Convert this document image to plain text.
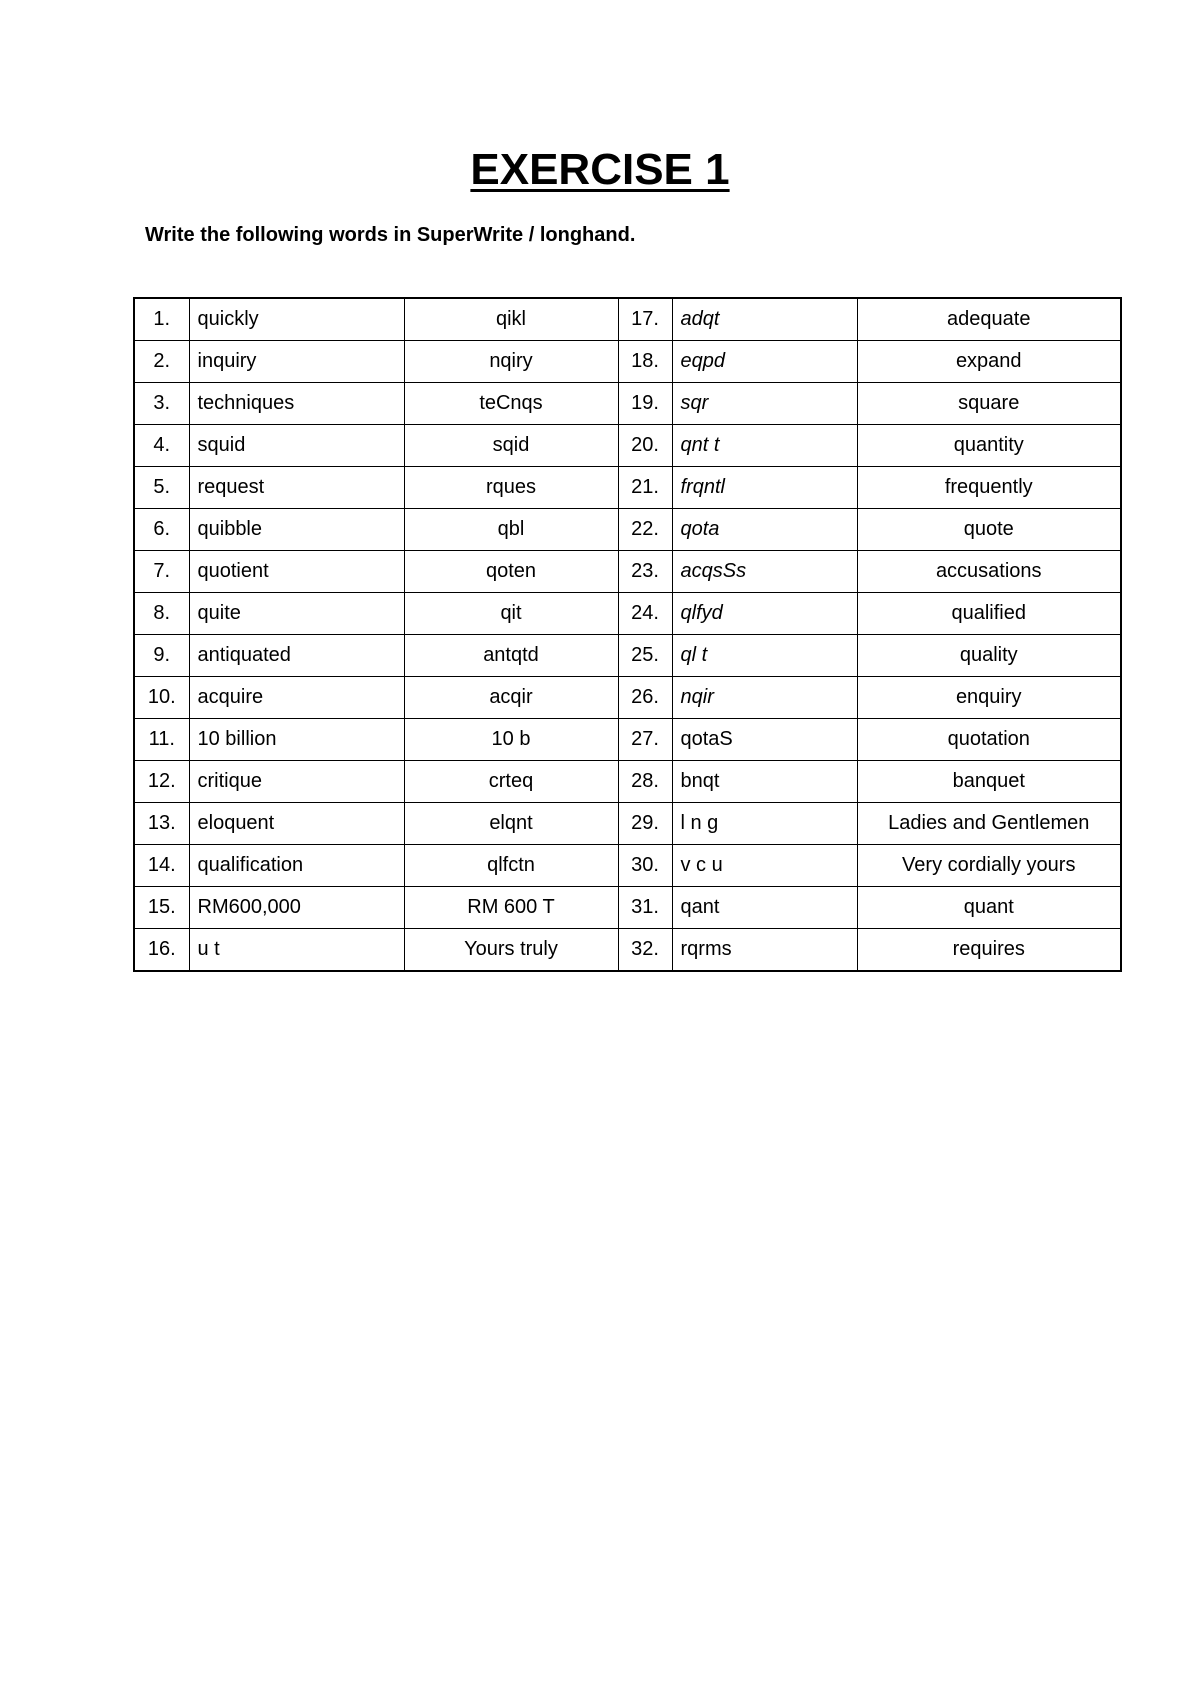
EXERCISE 1

Write the following words in SuperWrite / longhand.

1.	quickly	qikl	17.	adqt	adequate
2.	inquiry	nqiry	18.	eqpd	expand
3.	techniques	teCnqs	19.	sqr	square
4.	squid	sqid	20.	qnt t	quantity
5.	request	rques	21.	frqntl	frequently
6.	quibble	qbl	22.	qota	quote
7.	quotient	qoten	23.	acqsSs	accusations
8.	quite	qit	24.	qlfyd	qualified
9.	antiquated	antqtd	25.	ql t	quality
10.	acquire	acqir	26.	nqir	enquiry
11.	10 billion	10 b	27.	qotaS	quotation
12.	critique	crteq	28.	bnqt	banquet
13.	eloquent	elqnt	29.	l n g	Ladies and Gentlemen
14.	qualification	qlfctn	30.	v c u	Very cordially yours
15.	RM600,000	RM 600 T	31.	qant	quant
16.	u t	Yours truly	32.	rqrms	requires
